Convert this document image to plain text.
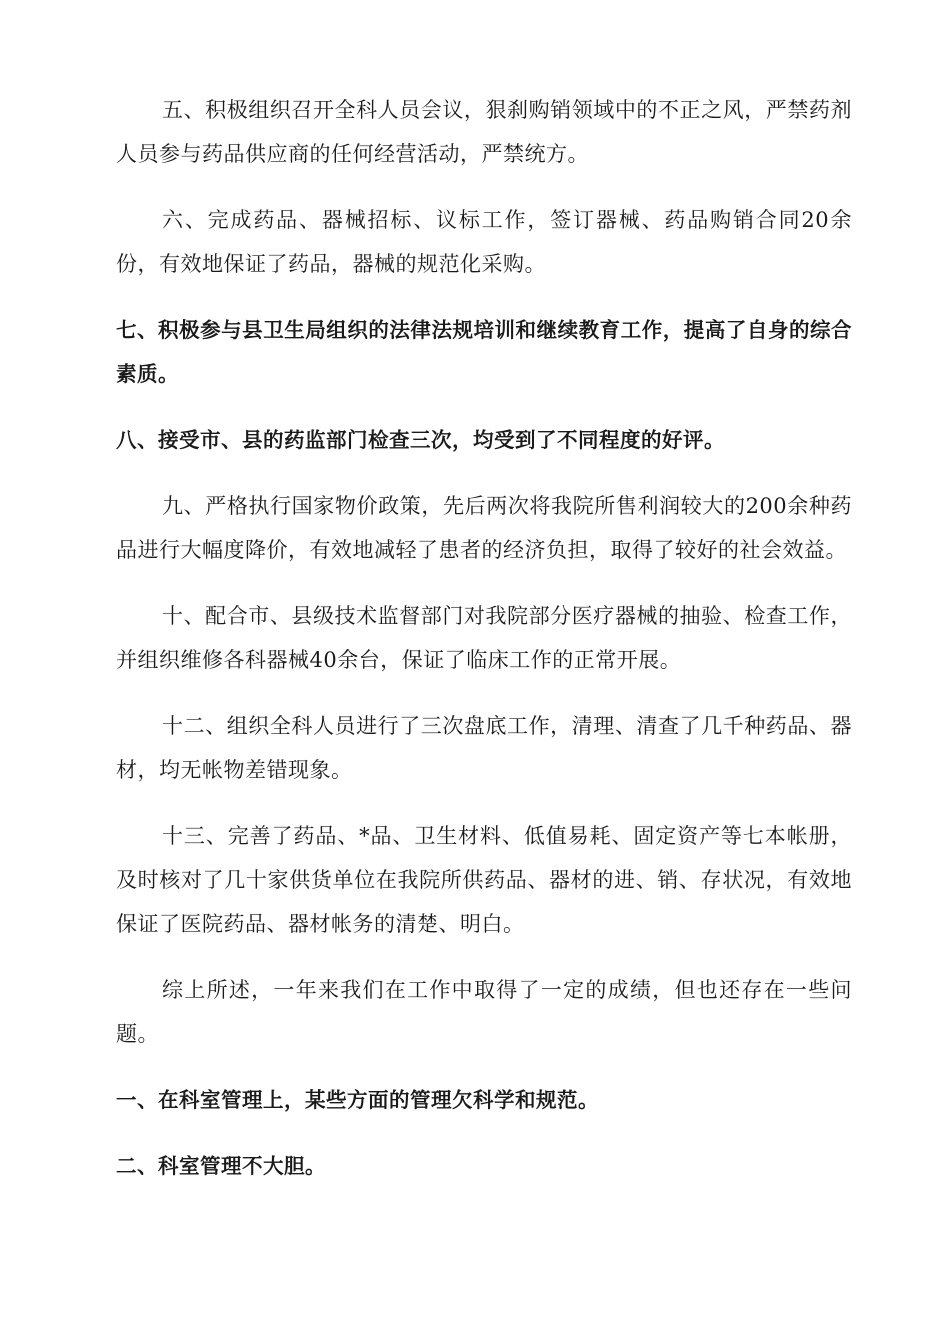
五、积极组织召开全科人员会议，狠刹购销领域中的不正之风，严禁药剂人员参与药品供应商的任何经营活动，严禁统方。

六、完成药品、器械招标、议标工作，签订器械、药品购销合同20余份，有效地保证了药品，器械的规范化采购。

七、积极参与县卫生局组织的法律法规培训和继续教育工作，提高了自身的综合素质。

八、接受市、县的药监部门检查三次，均受到了不同程度的好评。

九、严格执行国家物价政策，先后两次将我院所售利润较大的200余种药品进行大幅度降价，有效地减轻了患者的经济负担，取得了较好的社会效益。

十、配合市、县级技术监督部门对我院部分医疗器械的抽验、检查工作，并组织维修各科器械40余台，保证了临床工作的正常开展。

十二、组织全科人员进行了三次盘底工作，清理、清查了几千种药品、器材，均无帐物差错现象。

十三、完善了药品、*品、卫生材料、低值易耗、固定资产等七本帐册，及时核对了几十家供货单位在我院所供药品、器材的进、销、存状况，有效地保证了医院药品、器材帐务的清楚、明白。

综上所述，一年来我们在工作中取得了一定的成绩，但也还存在一些问题。

一、在科室管理上，某些方面的管理欠科学和规范。

二、科室管理不大胆。
